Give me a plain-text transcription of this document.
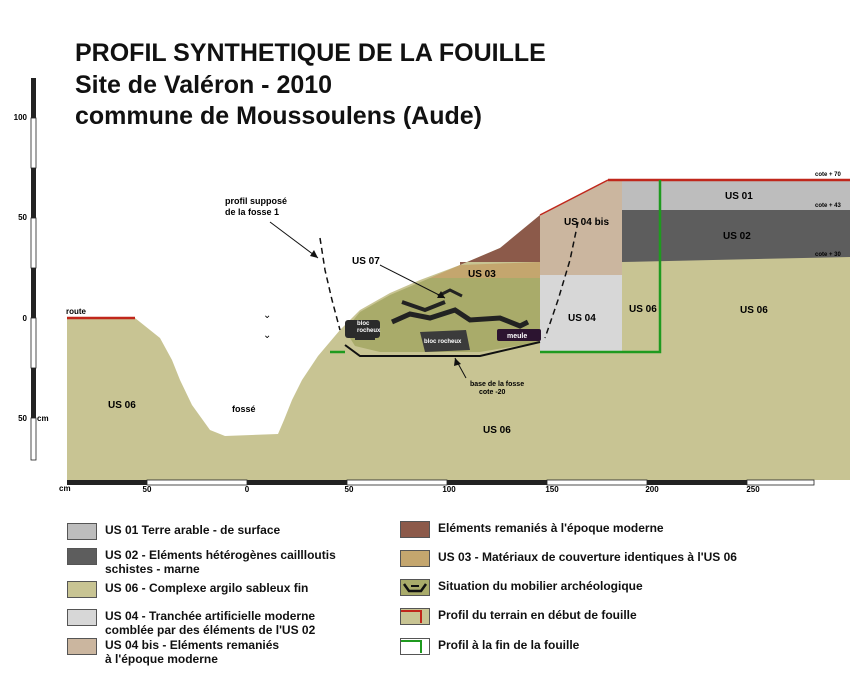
PROFIL SYNTHETIQUE DE LA FOUILLE
Site de Valéron - 2010
commune de Moussoulens (Aude)
100
50
0
50 cm
⌄
⌄
route
US 06	fossé
US 06
US 06	US 06
US 04
US 04 bis
US 03
US 07
US 01
US 02
profil supposé de la fosse 1
bloc rocheux
bloc rocheux
meule
base de la fosse cote -20
cote + 70
cote + 43
cote + 30
cm	50	0	50	100	150	200	250
US 01 Terre arable - de surface
US 02 - Eléments hétérogènes caillloutis
schistes - marne
US 06 - Complexe argilo sableux fin
US 04 - Tranchée artificielle moderne
comblée par des éléments de l'US 02
US 04 bis - Eléments remaniés
à l'époque moderne
Eléments remaniés à l'époque moderne
US 03 - Matériaux de couverture identiques à l'US 06
Situation du mobilier archéologique
Profil du terrain en début de fouille
Profil à la fin de la fouille
